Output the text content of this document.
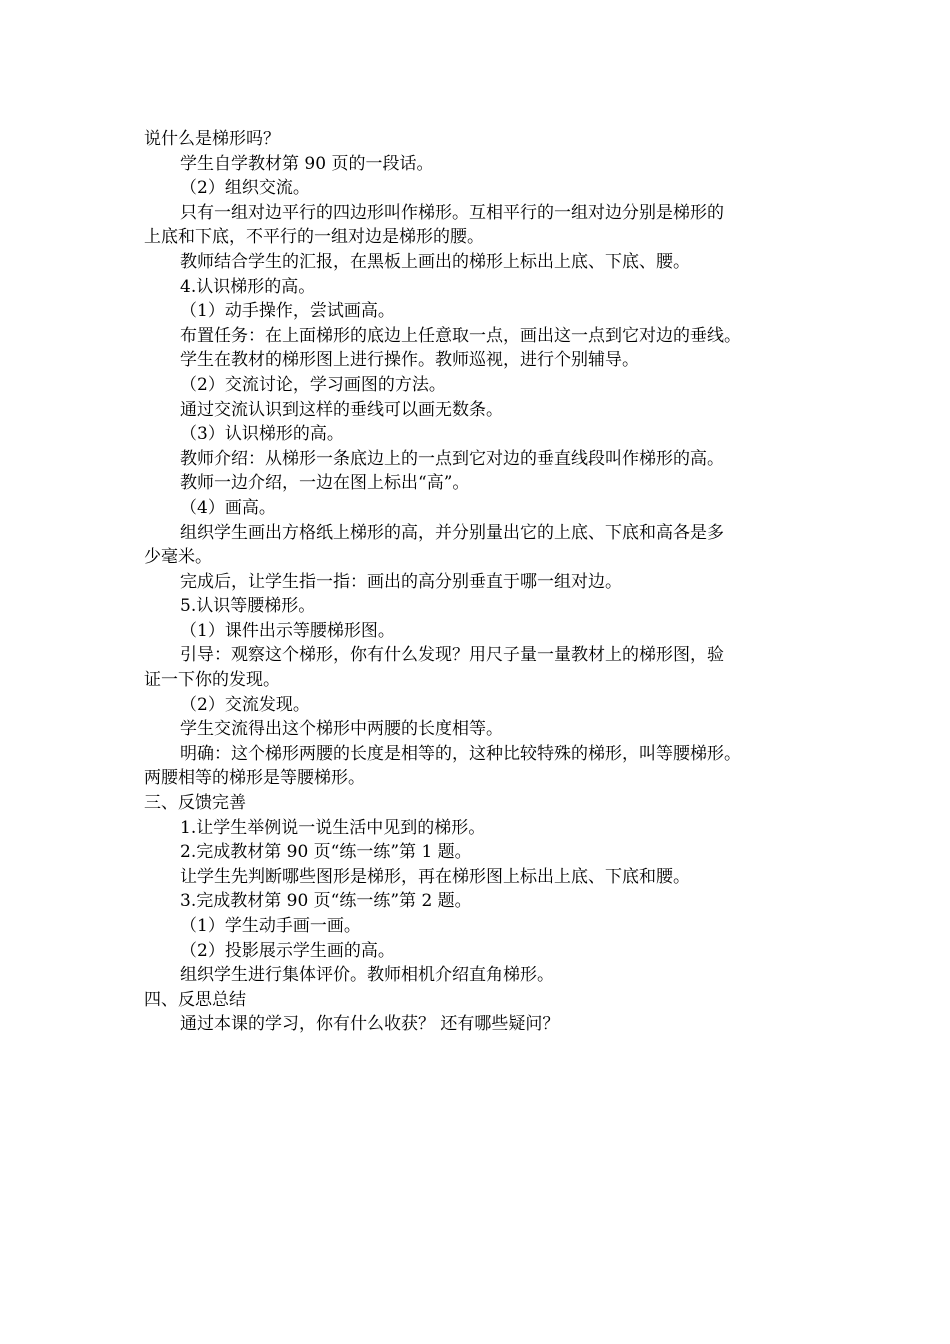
说什么是梯形吗？
学生自学教材第 90 页的一段话。
（2）组织交流。
只有一组对边平行的四边形叫作梯形。互相平行的一组对边分别是梯形的
上底和下底，不平行的一组对边是梯形的腰。
教师结合学生的汇报，在黑板上画出的梯形上标出上底、下底、腰。
4.认识梯形的高。
（1）动手操作，尝试画高。
布置任务：在上面梯形的底边上任意取一点，画出这一点到它对边的垂线。
学生在教材的梯形图上进行操作。教师巡视，进行个别辅导。
（2）交流讨论，学习画图的方法。
通过交流认识到这样的垂线可以画无数条。
（3）认识梯形的高。
教师介绍：从梯形一条底边上的一点到它对边的垂直线段叫作梯形的高。
教师一边介绍，一边在图上标出“高”。
（4）画高。
组织学生画出方格纸上梯形的高，并分别量出它的上底、下底和高各是多
少毫米。
完成后，让学生指一指：画出的高分别垂直于哪一组对边。
5.认识等腰梯形。
（1）课件出示等腰梯形图。
引导：观察这个梯形，你有什么发现？用尺子量一量教材上的梯形图，验
证一下你的发现。
（2）交流发现。
学生交流得出这个梯形中两腰的长度相等。
明确：这个梯形两腰的长度是相等的，这种比较特殊的梯形，叫等腰梯形。
两腰相等的梯形是等腰梯形。
三、反馈完善
1.让学生举例说一说生活中见到的梯形。
2.完成教材第 90 页“练一练”第 1 题。
让学生先判断哪些图形是梯形，再在梯形图上标出上底、下底和腰。
3.完成教材第 90 页“练一练”第 2 题。
（1）学生动手画一画。
（2）投影展示学生画的高。
组织学生进行集体评价。教师相机介绍直角梯形。
四、反思总结
通过本课的学习，你有什么收获？ 还有哪些疑问？
